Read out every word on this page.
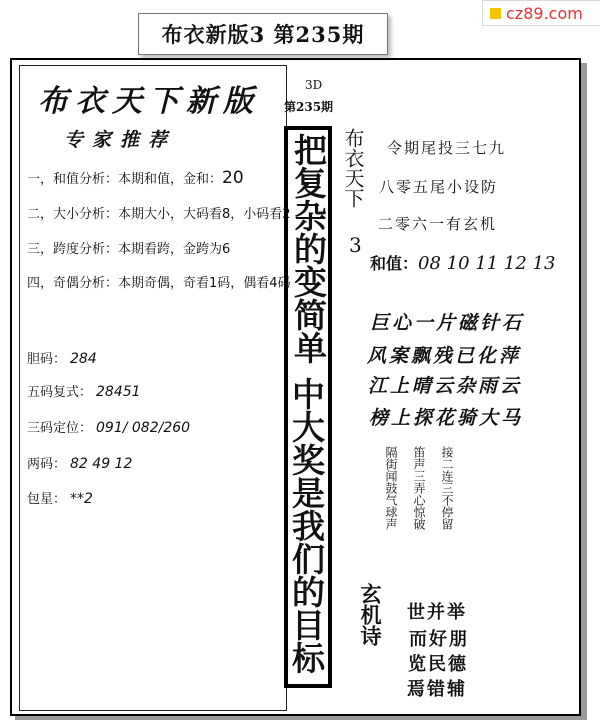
cz89.com
布衣新版3 第235期
布衣天下新版
专家推荐
一，和值分析：本期和值，金和：20
二，大小分析：本期大小，大码看8，小码看2
三，跨度分析：本期看跨，金跨为6
四，奇偶分析：本期奇偶，奇看1码，偶看4码
胆码： 284
五码复式： 28451
三码定位： 091/ 082/260
两码： 82 49 12
包星： **2
3D
第235期
把复杂的变简单
中大奖是我们的目标
布衣天下
3
令期尾投三七九
八零五尾小设防
二零六一有玄机
和值：08 10 11 12 13
巨心一片磁针石
风案飘残已化萍
江上晴云杂雨云
榜上探花骑大马
隔街闻鼓气球声 笛声三弄心惊破 接二连三不停留
玄机诗 世并举
而好朋
览民德
焉错辅
